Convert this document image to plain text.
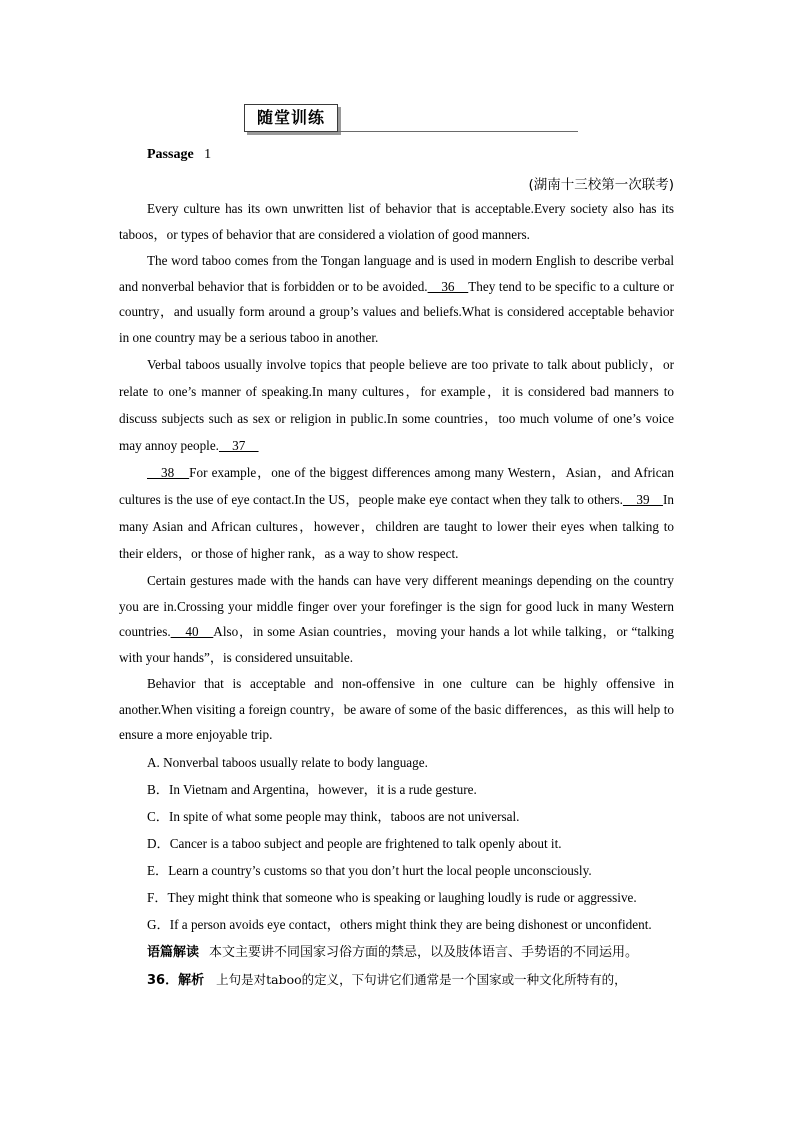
随堂训练
Passage 1
(湖南十三校第一次联考)

Every culture has its own unwritten list of behavior that is acceptable.Every society also has its taboos，or types of behavior that are considered a violation of good manners.

The word taboo comes from the Tongan language and is used in modern English to describe verbal and nonverbal behavior that is forbidden or to be avoided.　36　They tend to be specific to a culture or country，and usually form around a group’s values and beliefs.What is considered acceptable behavior in one country may be a serious taboo in another.

Verbal taboos usually involve topics that people believe are too private to talk about publicly，or relate to one’s manner of speaking.In many cultures，for example，it is considered bad manners to discuss subjects such as sex or religion in public.In some countries，too much volume of one’s voice may annoy people.　37　

　38　For example，one of the biggest differences among many Western，Asian，and African cultures is the use of eye contact.In the US，people make eye contact when they talk to others.　39　In many Asian and African cultures，however，children are taught to lower their eyes when talking to their elders，or those of higher rank，as a way to show respect.

Certain gestures made with the hands can have very different meanings depending on the country you are in.Crossing your middle finger over your forefinger is the sign for good luck in many Western countries.　40　Also，in some Asian countries，moving your hands a lot while talking，or “talking with your hands”，is considered unsuitable.

Behavior that is acceptable and non-offensive in one culture can be highly offensive in another.When visiting a foreign country，be aware of some of the basic differences，as this will help to ensure a more enjoyable trip.

A. Nonverbal taboos usually relate to body language.

B．In Vietnam and Argentina，however，it is a rude gesture.

C．In spite of what some people may think，taboos are not universal.

D．Cancer is a taboo subject and people are frightened to talk openly about it.

E．Learn a country’s customs so that you don’t hurt the local people unconsciously.

F．They might think that someone who is speaking or laughing loudly is rude or aggressive.

G．If a person avoids eye contact，others might think they are being dishonest or unconfident.

语篇解读 本文主要讲不同国家习俗方面的禁忌，以及肢体语言、手势语的不同运用。

36．解析 上句是对taboo的定义，下句讲它们通常是一个国家或一种文化所特有的，
